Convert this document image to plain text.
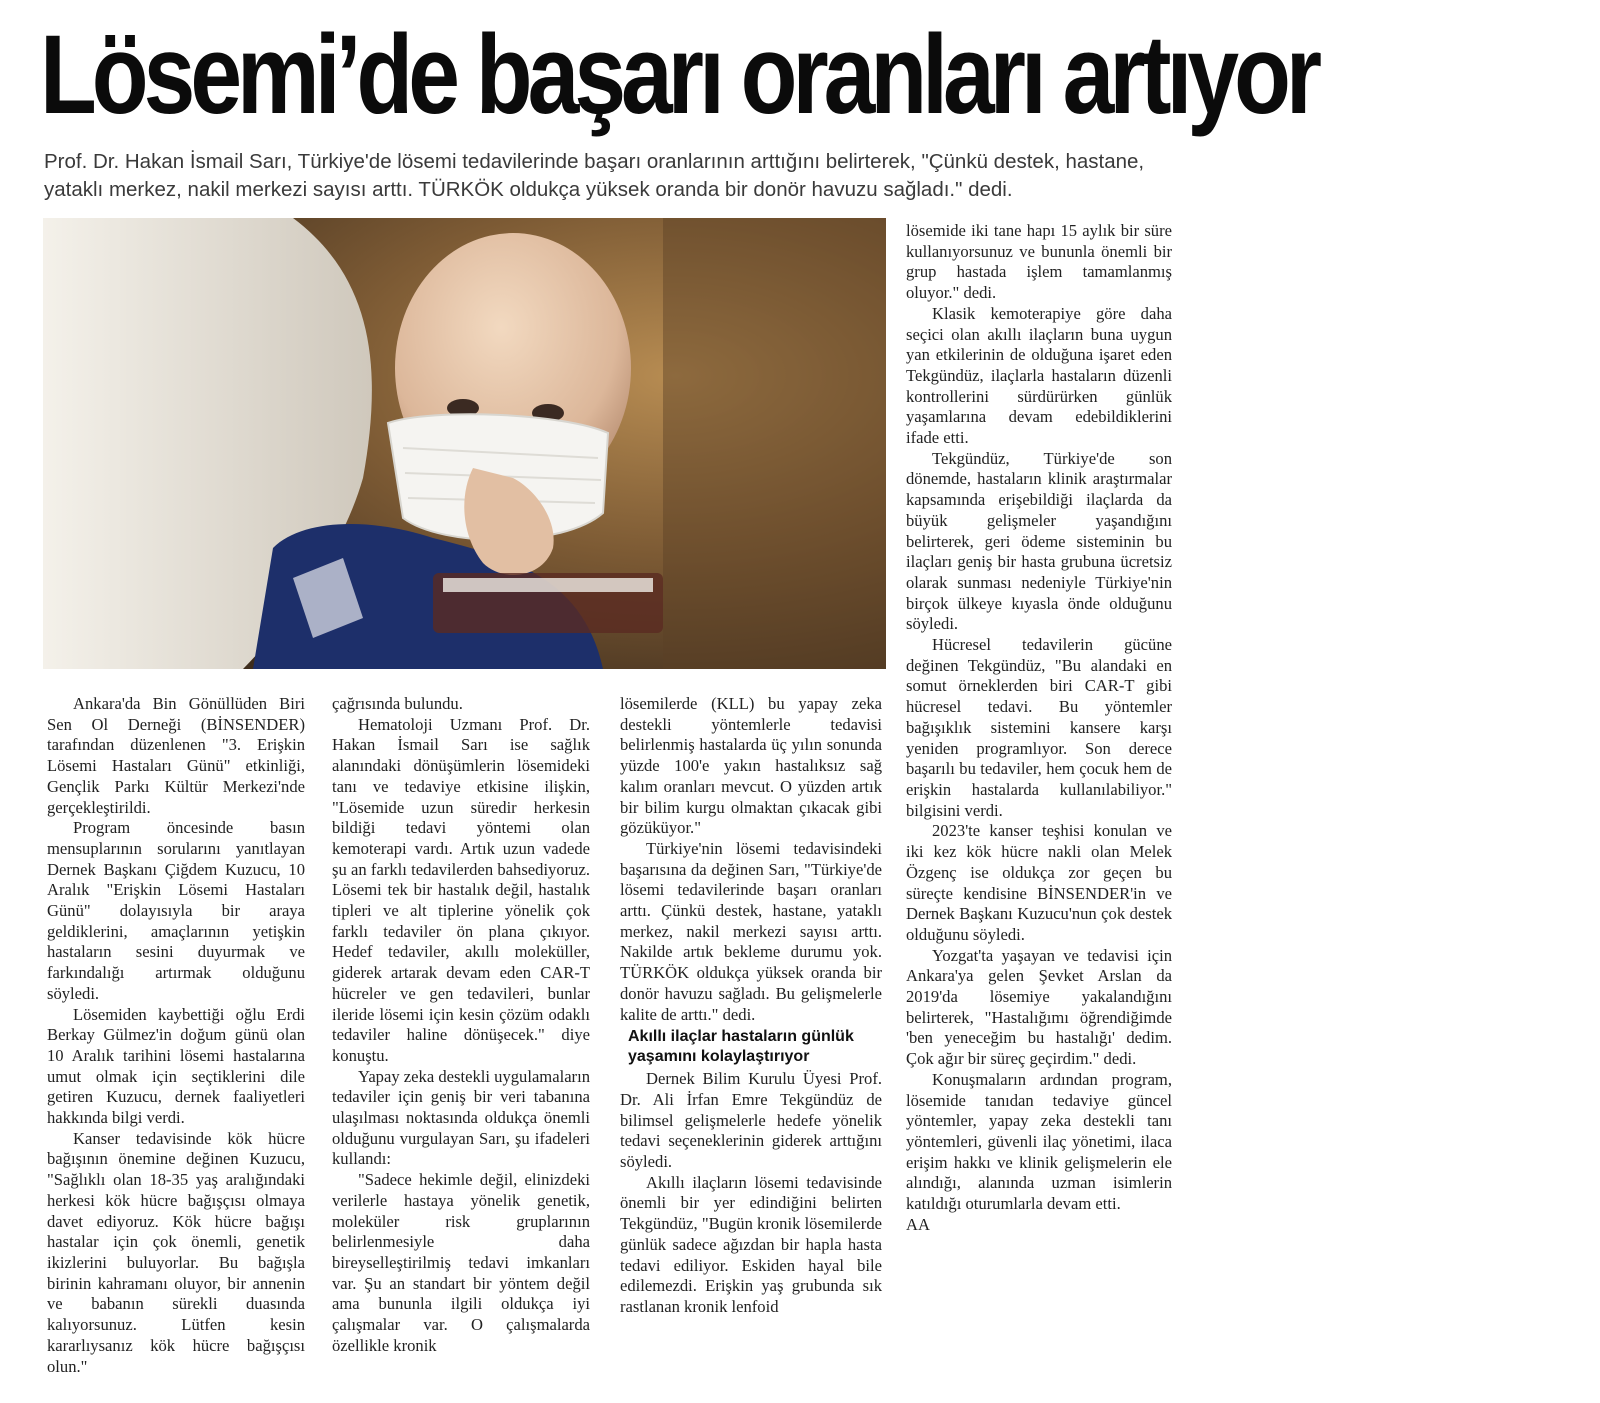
Lösemi’de başarı oranları artıyor

Prof. Dr. Hakan İsmail Sarı, Türkiye'de lösemi tedavilerinde başarı oranlarının arttığını belirterek, "Çünkü destek, hastane, yataklı merkez, nakil merkezi sayısı arttı. TÜRKÖK oldukça yüksek oranda bir donör havuzu sağladı." dedi.

Ankara'da Bin Gönüllüden Biri Sen Ol Derneği (BİNSENDER) tarafından düzenlenen "3. Erişkin Lösemi Hastaları Günü" etkinliği, Gençlik Parkı Kültür Merkezi'nde gerçekleştirildi.

Program öncesinde basın mensuplarının sorularını yanıtlayan Dernek Başkanı Çiğdem Kuzucu, 10 Aralık "Erişkin Lösemi Hastaları Günü" dolayısıyla bir araya geldiklerini, amaçlarının yetişkin hastaların sesini duyurmak ve farkındalığı artırmak olduğunu söyledi.

Lösemiden kaybettiği oğlu Erdi Berkay Gülmez'in doğum günü olan 10 Aralık tarihini lösemi hastalarına umut olmak için seçtiklerini dile getiren Kuzucu, dernek faaliyetleri hakkında bilgi verdi.

Kanser tedavisinde kök hücre bağışının önemine değinen Kuzucu, "Sağlıklı olan 18-35 yaş aralığındaki herkesi kök hücre bağışçısı olmaya davet ediyoruz. Kök hücre bağışı hastalar için çok önemli, genetik ikizlerini buluyorlar. Bu bağışla birinin kahramanı oluyor, bir annenin ve babanın sürekli duasında kalıyorsunuz. Lütfen kesin kararlıysanız kök hücre bağışçısı olun."

çağrısında bulundu.

Hematoloji Uzmanı Prof. Dr. Hakan İsmail Sarı ise sağlık alanındaki dönüşümlerin lösemideki tanı ve tedaviye etkisine ilişkin, "Lösemide uzun süredir herkesin bildiği tedavi yöntemi olan kemoterapi vardı. Artık uzun vadede şu an farklı tedavilerden bahsediyoruz. Lösemi tek bir hastalık değil, hastalık tipleri ve alt tiplerine yönelik çok farklı tedaviler ön plana çıkıyor. Hedef tedaviler, akıllı moleküller, giderek artarak devam eden CAR-T hücreler ve gen tedavileri, bunlar ileride lösemi için kesin çözüm odaklı tedaviler haline dönüşecek." diye konuştu.

Yapay zeka destekli uygulamaların tedaviler için geniş bir veri tabanına ulaşılması noktasında oldukça önemli olduğunu vurgulayan Sarı, şu ifadeleri kullandı:

"Sadece hekimle değil, elinizdeki verilerle hastaya yönelik genetik, moleküler risk gruplarının belirlenmesiyle daha bireyselleştirilmiş tedavi imkanları var. Şu an standart bir yöntem değil ama bununla ilgili oldukça iyi çalışmalar var. O çalışmalarda özellikle kronik

lösemilerde (KLL) bu yapay zeka destekli yöntemlerle tedavisi belirlenmiş hastalarda üç yılın sonunda yüzde 100'e yakın hastalıksız sağ kalım oranları mevcut. O yüzden artık bir bilim kurgu olmaktan çıkacak gibi gözüküyor."

Türkiye'nin lösemi tedavisindeki başarısına da değinen Sarı, "Türkiye'de lösemi tedavilerinde başarı oranları arttı. Çünkü destek, hastane, yataklı merkez, nakil merkezi sayısı arttı. Nakilde artık bekleme durumu yok. TÜRKÖK oldukça yüksek oranda bir donör havuzu sağladı. Bu gelişmelerle kalite de arttı." dedi.

Akıllı ilaçlar hastaların günlük yaşamını kolaylaştırıyor

Dernek Bilim Kurulu Üyesi Prof. Dr. Ali İrfan Emre Tekgündüz de bilimsel gelişmelerle hedefe yönelik tedavi seçeneklerinin giderek arttığını söyledi.

Akıllı ilaçların lösemi tedavisinde önemli bir yer edindiğini belirten Tekgündüz, "Bugün kronik lösemilerde günlük sadece ağızdan bir hapla hasta tedavi ediliyor. Eskiden hayal bile edilemezdi. Erişkin yaş grubunda sık rastlanan kronik lenfoid

lösemide iki tane hapı 15 aylık bir süre kullanıyorsunuz ve bununla önemli bir grup hastada işlem tamamlanmış oluyor." dedi.

Klasik kemoterapiye göre daha seçici olan akıllı ilaçların buna uygun yan etkilerinin de olduğuna işaret eden Tekgündüz, ilaçlarla hastaların düzenli kontrollerini sürdürürken günlük yaşamlarına devam edebildiklerini ifade etti.

Tekgündüz, Türkiye'de son dönemde, hastaların klinik araştırmalar kapsamında erişebildiği ilaçlarda da büyük gelişmeler yaşandığını belirterek, geri ödeme sisteminin bu ilaçları geniş bir hasta grubuna ücretsiz olarak sunması nedeniyle Türkiye'nin birçok ülkeye kıyasla önde olduğunu söyledi.

Hücresel tedavilerin gücüne değinen Tekgündüz, "Bu alandaki en somut örneklerden biri CAR-T gibi hücresel tedavi. Bu yöntemler bağışıklık sistemini kansere karşı yeniden programlıyor. Son derece başarılı bu tedaviler, hem çocuk hem de erişkin hastalarda kullanılabiliyor." bilgisini verdi.

2023'te kanser teşhisi konulan ve iki kez kök hücre nakli olan Melek Özgenç ise oldukça zor geçen bu süreçte kendisine BİNSENDER'in ve Dernek Başkanı Kuzucu'nun çok destek olduğunu söyledi.

Yozgat'ta yaşayan ve tedavisi için Ankara'ya gelen Şevket Arslan da 2019'da lösemiye yakalandığını belirterek, "Hastalığımı öğrendiğimde 'ben yeneceğim bu hastalığı' dedim. Çok ağır bir süreç geçirdim." dedi.

Konuşmaların ardından program, lösemide tanıdan tedaviye güncel yöntemler, yapay zeka destekli tanı yöntemleri, güvenli ilaç yönetimi, ilaca erişim hakkı ve klinik gelişmelerin ele alındığı, alanında uzman isimlerin katıldığı oturumlarla devam etti.

AA
